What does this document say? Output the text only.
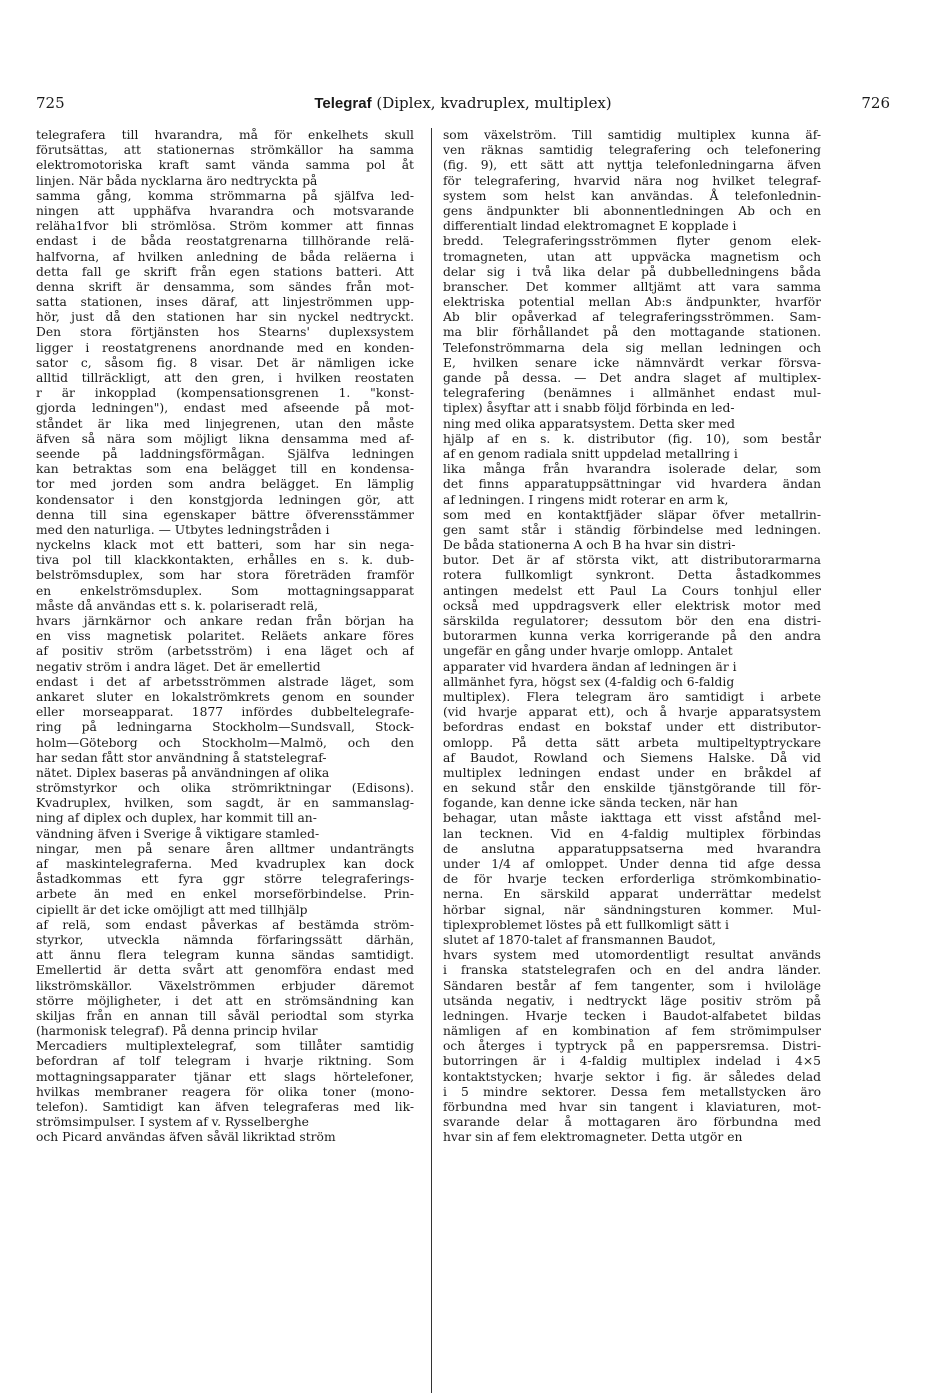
725	Telegraf (Diplex, kvadruplex, multiplex)	726
telegrafera till hvarandra, må för enkelhets skull
förutsättas, att stationernas strömkällor ha samma
elektromotoriska kraft samt vända samma pol åt
linjen. När båda nycklarna äro nedtryckta på
samma gång, komma strömmarna på själfva led-
ningen att upphäfva hvarandra och motsvarande
reläha1fvor bli strömlösa. Ström kommer att finnas
endast i de båda reostatgrenarna tillhörande relä-
halfvorna, af hvilken anledning de båda reläerna i
detta fall ge skrift från egen stations batteri. Att
denna skrift är densamma, som sändes från mot-
satta stationen, inses däraf, att linjeströmmen upp-
hör, just då den stationen har sin nyckel nedtryckt.
Den stora förtjänsten hos Stearns' duplexsystem
ligger i reostatgrenens anordnande med en konden-
sator c, såsom fig. 8 visar. Det är nämligen icke
alltid tillräckligt, att den gren, i hvilken reostaten
r är inkopplad (kompensationsgrenen 1. "konst-
gjorda ledningen"), endast med afseende på mot-
ståndet är lika med linjegrenen, utan den måste
äfven så nära som möjligt likna densamma med af-
seende på laddningsförmågan. Själfva ledningen
kan betraktas som ena belägget till en kondensa-
tor med jorden som andra belägget. En lämplig
kondensator i den konstgjorda ledningen gör, att
denna till sina egenskaper bättre öfverensstämmer
med den naturliga. — Utbytes ledningstråden i
nyckelns klack mot ett batteri, som har sin nega-
tiva pol till klackkontakten, erhålles en s. k. dub-
belströmsduplex, som har stora företräden framför
en enkelströmsduplex. Som mottagningsapparat
måste då användas ett s. k. polariseradt relä,
hvars järnkärnor och ankare redan från början ha
en viss magnetisk polaritet. Reläets ankare föres
af positiv ström (arbetsström) i ena läget och af
negativ ström i andra läget. Det är emellertid
endast i det af arbetsströmmen alstrade läget, som
ankaret sluter en lokalströmkrets genom en sounder
eller morseapparat. 1877 infördes dubbeltelegrafe-
ring på ledningarna Stockholm—Sundsvall, Stock-
holm—Göteborg och Stockholm—Malmö, och den
har sedan fått stor användning å statstelegraf-
nätet. Diplex baseras på användningen af olika
strömstyrkor och olika strömriktningar (Edisons).
Kvadruplex, hvilken, som sagdt, är en sammanslag-
ning af diplex och duplex, har kommit till an-
vändning äfven i Sverige å viktigare stamled-
ningar, men på senare åren alltmer undanträngts
af maskintelegraferna. Med kvadruplex kan dock
åstadkommas ett fyra ggr större telegraferings-
arbete än med en enkel morseförbindelse. Prin-
cipiellt är det icke omöjligt att med tillhjälp
af relä, som endast påverkas af bestämda ström-
styrkor, utveckla nämnda förfaringssätt därhän,
att ännu flera telegram kunna sändas samtidigt.
Emellertid är detta svårt att genomföra endast med
likströmskällor. Växelströmmen erbjuder däremot
större möjligheter, i det att en strömsändning kan
skiljas från en annan till såväl periodtal som styrka
(harmonisk telegraf). På denna princip hvilar
Mercadiers multiplextelegraf, som tillåter samtidig
befordran af tolf telegram i hvarje riktning. Som
mottagningsapparater tjänar ett slags hörtelefoner,
hvilkas membraner reagera för olika toner (mono-
telefon). Samtidigt kan äfven telegraferas med lik-
strömsimpulser. I system af v. Rysselberghe
och Picard användas äfven såväl likriktad ström
som växelström. Till samtidig multiplex kunna äf-
ven räknas samtidig telegrafering och telefonering
(fig. 9), ett sätt att nyttja telefonledningarna äfven
för telegrafering, hvarvid nära nog hvilket telegraf-
system som helst kan användas. Å telefonlednin-
gens ändpunkter bli abonnentledningen Ab och en
differentialt lindad elektromagnet E kopplade i
bredd. Telegraferingsströmmen flyter genom elek-
tromagneten, utan att uppväcka magnetism och
delar sig i två lika delar på dubbelledningens båda
branscher. Det kommer alltjämt att vara samma
elektriska potential mellan Ab:s ändpunkter, hvarför
Ab blir opåverkad af telegraferingsströmmen. Sam-
ma blir förhållandet på den mottagande stationen.
Telefonströmmarna dela sig mellan ledningen och
E, hvilken senare icke nämnvärdt verkar försva-
gande på dessa. — Det andra slaget af multiplex-
telegrafering (benämnes i allmänhet endast mul-
tiplex) åsyftar att i snabb följd förbinda en led-
ning med olika apparatsystem. Detta sker med
hjälp af en s. k. distributor (fig. 10), som består
af en genom radiala snitt uppdelad metallring i
lika många från hvarandra isolerade delar, som
det finns apparatuppsättningar vid hvardera ändan
af ledningen. I ringens midt roterar en arm k,
som med en kontaktfjäder släpar öfver metallrin-
gen samt står i ständig förbindelse med ledningen.
De båda stationerna A och B ha hvar sin distri-
butor. Det är af största vikt, att distributorarmarna
rotera fullkomligt synkront. Detta åstadkommes
antingen medelst ett Paul La Cours tonhjul eller
också med uppdragsverk eller elektrisk motor med
särskilda regulatorer; dessutom bör den ena distri-
butorarmen kunna verka korrigerande på den andra
ungefär en gång under hvarje omlopp. Antalet
apparater vid hvardera ändan af ledningen är i
allmänhet fyra, högst sex (4-faldig och 6-faldig
multiplex). Flera telegram äro samtidigt i arbete
(vid hvarje apparat ett), och å hvarje apparatsystem
befordras endast en bokstaf under ett distributor-
omlopp. På detta sätt arbeta multipeltyptryckare
af Baudot, Rowland och Siemens Halske. Då vid
multiplex ledningen endast under en bråkdel af
en sekund står den enskilde tjänstgörande till för-
fogande, kan denne icke sända tecken, när han
behagar, utan måste iakttaga ett visst afstånd mel-
lan tecknen. Vid en 4-faldig multiplex förbindas
de anslutna apparatuppsatserna med hvarandra
under 1/4 af omloppet. Under denna tid afge dessa
de för hvarje tecken erforderliga strömkombinatio-
nerna. En särskild apparat underrättar medelst
hörbar signal, när sändningsturen kommer. Mul-
tiplexproblemet löstes på ett fullkomligt sätt i
slutet af 1870-talet af fransmannen Baudot,
hvars system med utomordentligt resultat används
i franska statstelegrafen och en del andra länder.
Sändaren består af fem tangenter, som i hviloläge
utsända negativ, i nedtryckt läge positiv ström på
ledningen. Hvarje tecken i Baudot-alfabetet bildas
nämligen af en kombination af fem strömimpulser
och återges i typtryck på en pappersremsa. Distri-
butorringen är i 4-faldig multiplex indelad i 4×5
kontaktstycken; hvarje sektor i fig. är således delad
i 5 mindre sektorer. Dessa fem metallstycken äro
förbundna med hvar sin tangent i klaviaturen, mot-
svarande delar å mottagaren äro förbundna med
hvar sin af fem elektromagneter. Detta utgör en
